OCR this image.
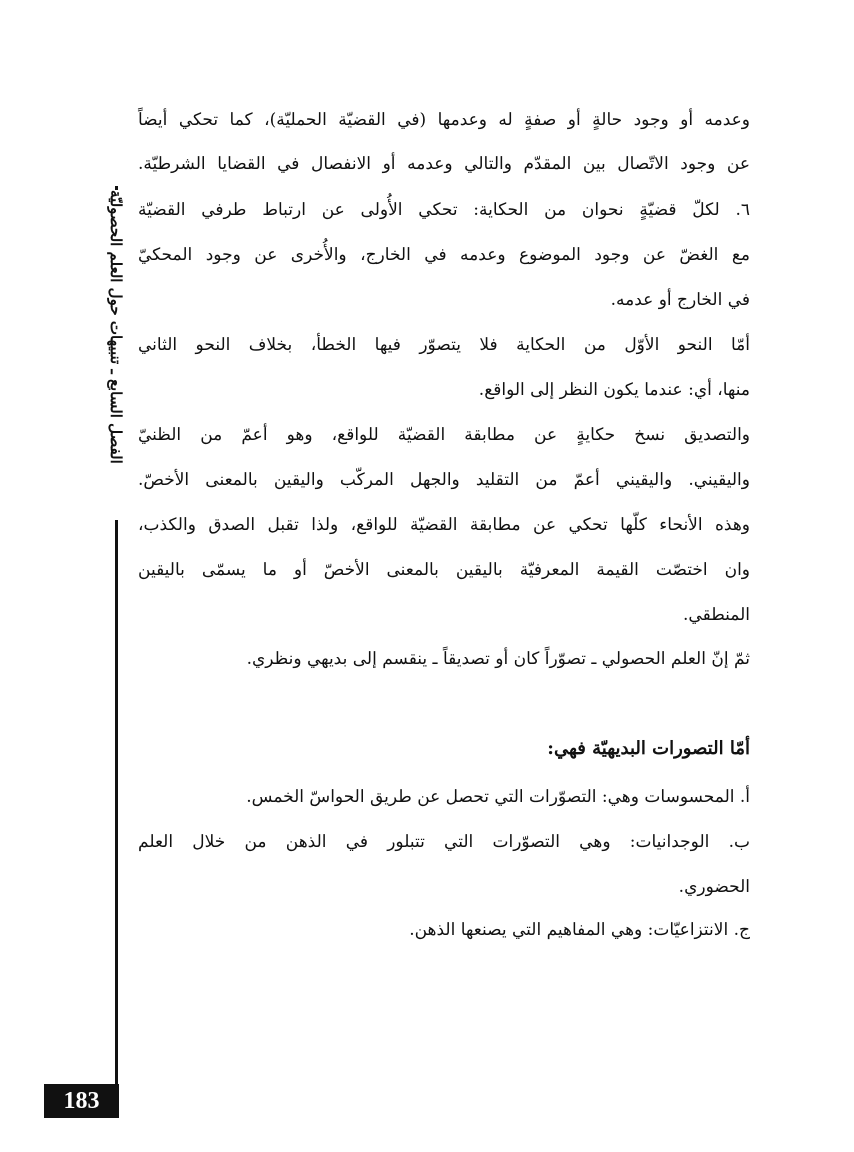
الفصل السابع ـ تنبيهات حول العلم الحصوليّة
183
وعدمه أو وجود حالةٍ أو صفةٍ له وعدمها (في القضيّة الحمليّة)، كما تحكي أيضاً
عن وجود الاتّصال بين المقدّم والتالي وعدمه أو الانفصال في القضايا الشرطيّة.
٦. لكلّ قضيّةٍ نحوان من الحكاية: تحكي الأُولى عن ارتباط طرفي القضيّة
مع الغضّ عن وجود الموضوع وعدمه في الخارج، والأُخرى عن وجود المحكيّ
في الخارج أو عدمه.
أمّا النحو الأوّل من الحكاية فلا يتصوّر فيها الخطأ، بخلاف النحو الثاني
منها، أي: عندما يكون النظر إلى الواقع.
والتصديق نسخ حكايةٍ عن مطابقة القضيّة للواقع، وهو أعمّ من الظنيّ
واليقيني. واليقيني أعمّ من التقليد والجهل المركّب واليقين بالمعنى الأخصّ.
وهذه الأنحاء كلّها تحكي عن مطابقة القضيّة للواقع، ولذا تقبل الصدق والكذب،
وان اختصّت القيمة المعرفيّة باليقين بالمعنى الأخصّ أو ما يسمّى باليقين
المنطقي.
ثمّ إنّ العلم الحصولي ـ تصوّراً كان أو تصديقاً ـ ينقسم إلى بديهي ونظري.
أمّا التصورات البديهيّة فهي:
أ. المحسوسات وهي: التصوّرات التي تحصل عن طريق الحواسّ الخمس.
ب. الوجدانيات: وهي التصوّرات التي تتبلور في الذهن من خلال العلم
الحضوري.
ج. الانتزاعيّات: وهي المفاهيم التي يصنعها الذهن.
